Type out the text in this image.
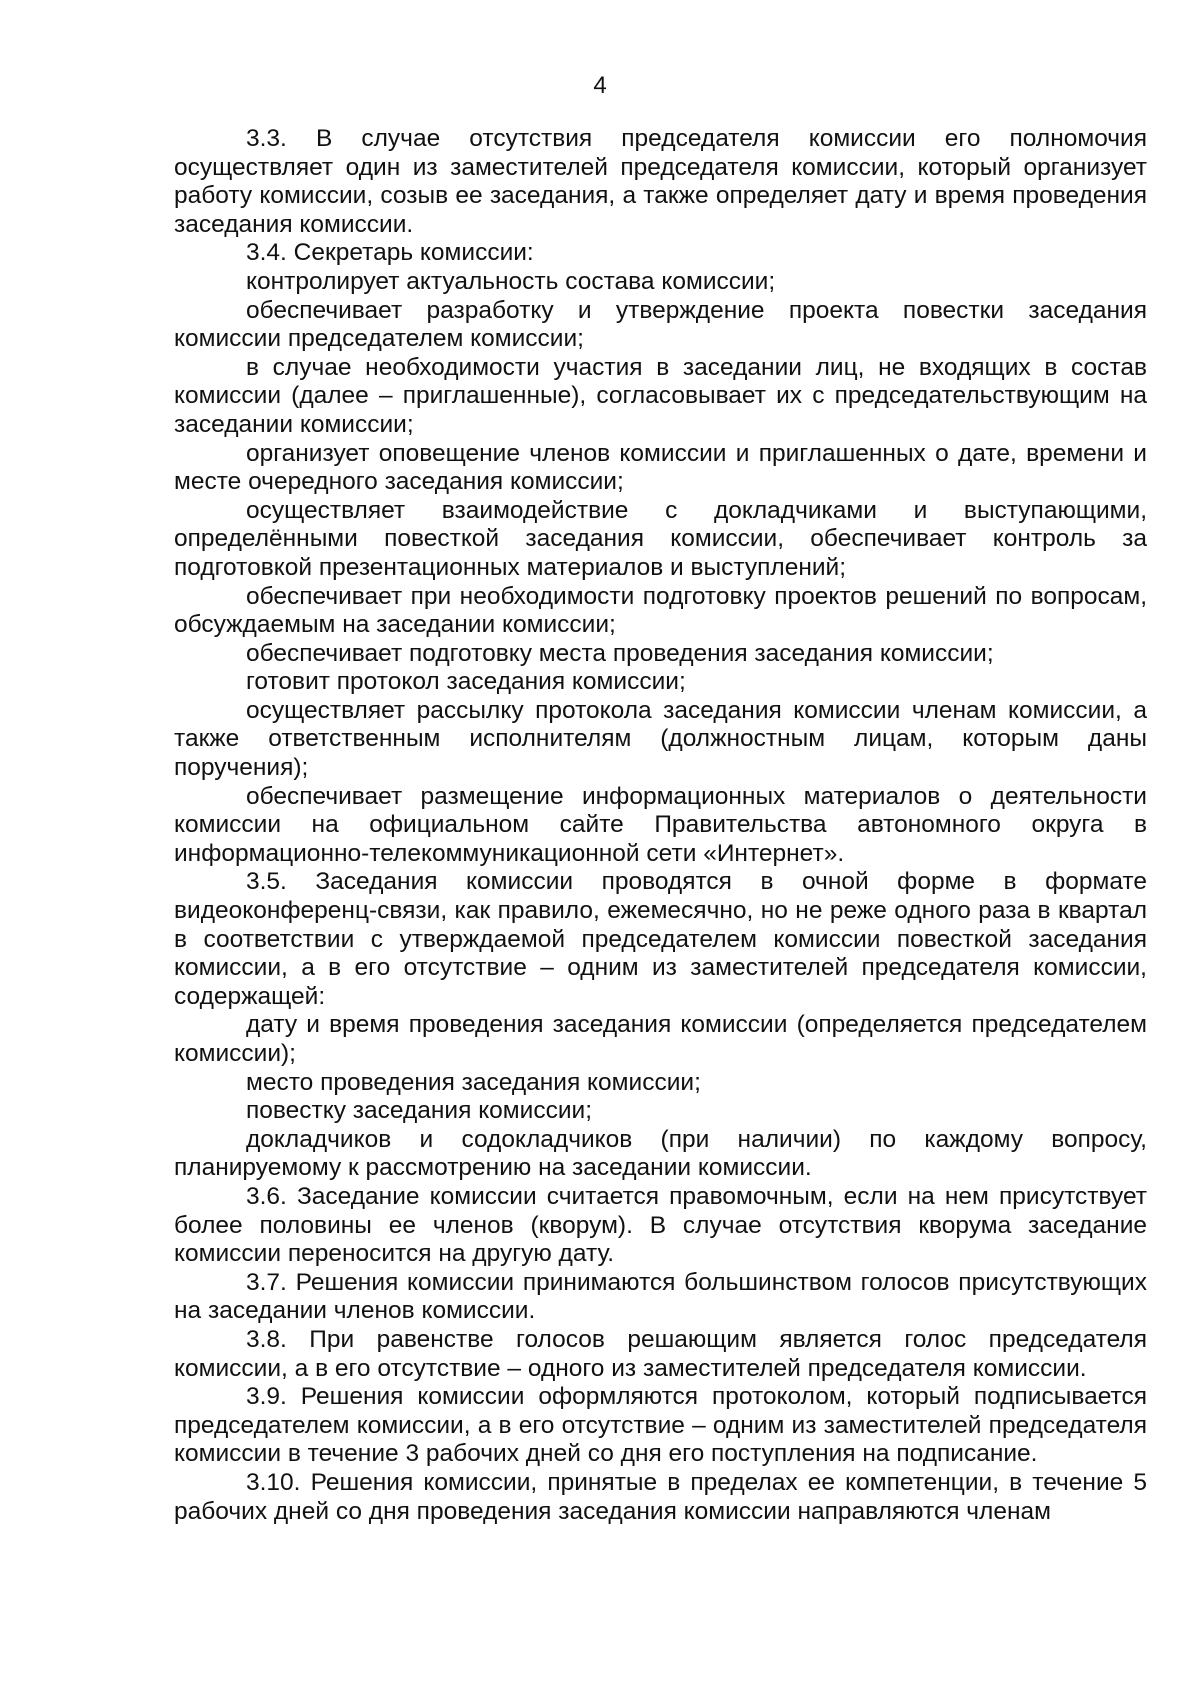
4

3.3. В случае отсутствия председателя комиссии его полномочия осуществляет один из заместителей председателя комиссии, который организует работу комиссии, созыв ее заседания, а также определяет дату и время проведения заседания комиссии.

3.4. Секретарь комиссии:

контролирует актуальность состава комиссии;

обеспечивает разработку и утверждение проекта повестки заседания комиссии председателем комиссии;

в случае необходимости участия в заседании лиц, не входящих в состав комиссии (далее – приглашенные), согласовывает их с председательствующим на заседании комиссии;

организует оповещение членов комиссии и приглашенных о дате, времени и месте очередного заседания комиссии;

осуществляет взаимодействие с докладчиками и выступающими, определёнными повесткой заседания комиссии, обеспечивает контроль за подготовкой презентационных материалов и выступлений;

обеспечивает при необходимости подготовку проектов решений по вопросам, обсуждаемым на заседании комиссии;

обеспечивает подготовку места проведения заседания комиссии;

готовит протокол заседания комиссии;

осуществляет рассылку протокола заседания комиссии членам комиссии, а также ответственным исполнителям (должностным лицам, которым даны поручения);

обеспечивает размещение информационных материалов о деятельности комиссии на официальном сайте Правительства автономного округа в информационно-телекоммуникационной сети «Интернет».

3.5. Заседания комиссии проводятся в очной форме в формате видеоконференц-связи, как правило, ежемесячно, но не реже одного раза в квартал в соответствии с утверждаемой председателем комиссии повесткой заседания комиссии, а в его отсутствие – одним из заместителей председателя комиссии, содержащей:

дату и время проведения заседания комиссии (определяется председателем комиссии);

место проведения заседания комиссии;

повестку заседания комиссии;

докладчиков и содокладчиков (при наличии) по каждому вопросу, планируемому к рассмотрению на заседании комиссии.

3.6. Заседание комиссии считается правомочным, если на нем присутствует более половины ее членов (кворум). В случае отсутствия кворума заседание комиссии переносится на другую дату.

3.7. Решения комиссии принимаются большинством голосов присутствующих на заседании членов комиссии.

3.8. При равенстве голосов решающим является голос председателя комиссии, а в его отсутствие – одного из заместителей председателя комиссии.

3.9. Решения комиссии оформляются протоколом, который подписывается председателем комиссии, а в его отсутствие – одним из заместителей председателя комиссии в течение 3 рабочих дней со дня его поступления на подписание.

3.10. Решения комиссии, принятые в пределах ее компетенции, в течение 5 рабочих дней со дня проведения заседания комиссии направляются членам
